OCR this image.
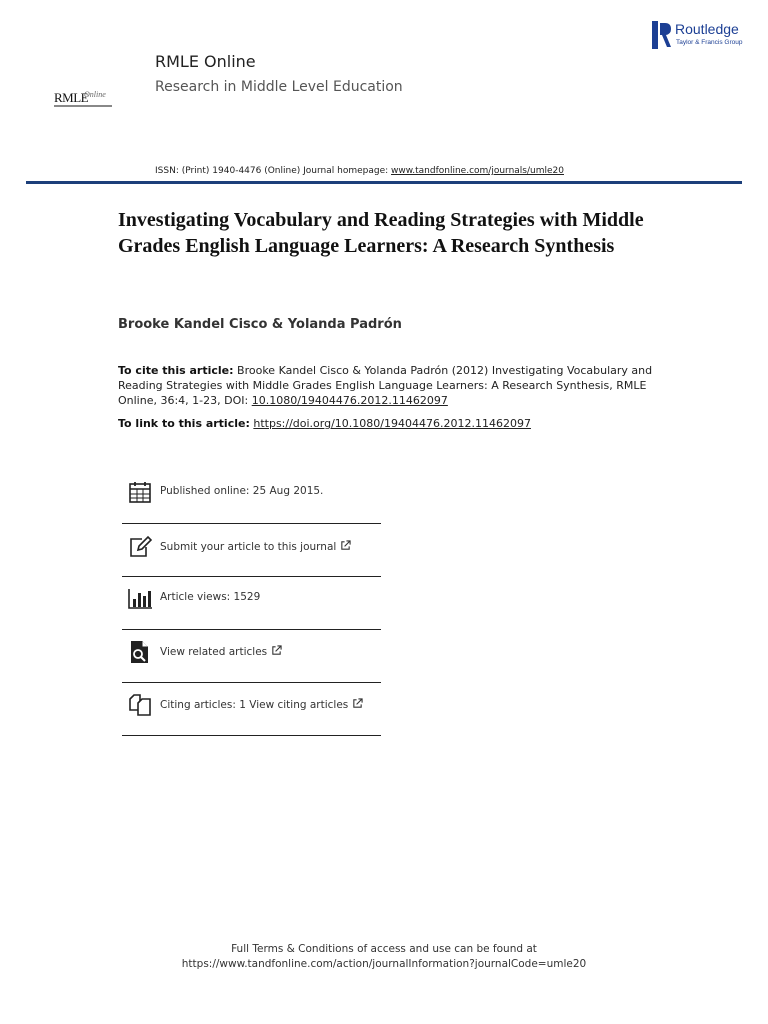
Routledge
Taylor & Francis Group
RMLE Online
Research in Middle Level Education
RMLE
Online
ISSN: (Print) 1940-4476 (Online) Journal homepage: www.tandfonline.com/journals/umle20
Investigating Vocabulary and Reading Strategies with Middle Grades English Language Learners: A Research Synthesis
Brooke Kandel Cisco & Yolanda Padrón
To cite this article: Brooke Kandel Cisco & Yolanda Padrón (2012) Investigating Vocabulary and Reading Strategies with Middle Grades English Language Learners: A Research Synthesis, RMLE Online, 36:4, 1-23, DOI: 10.1080/19404476.2012.11462097
To link to this article: https://doi.org/10.1080/19404476.2012.11462097
Published online: 25 Aug 2015.
Submit your article to this journal
Article views: 1529
View related articles
Citing articles: 1 View citing articles
Full Terms & Conditions of access and use can be found at
https://www.tandfonline.com/action/journalInformation?journalCode=umle20
